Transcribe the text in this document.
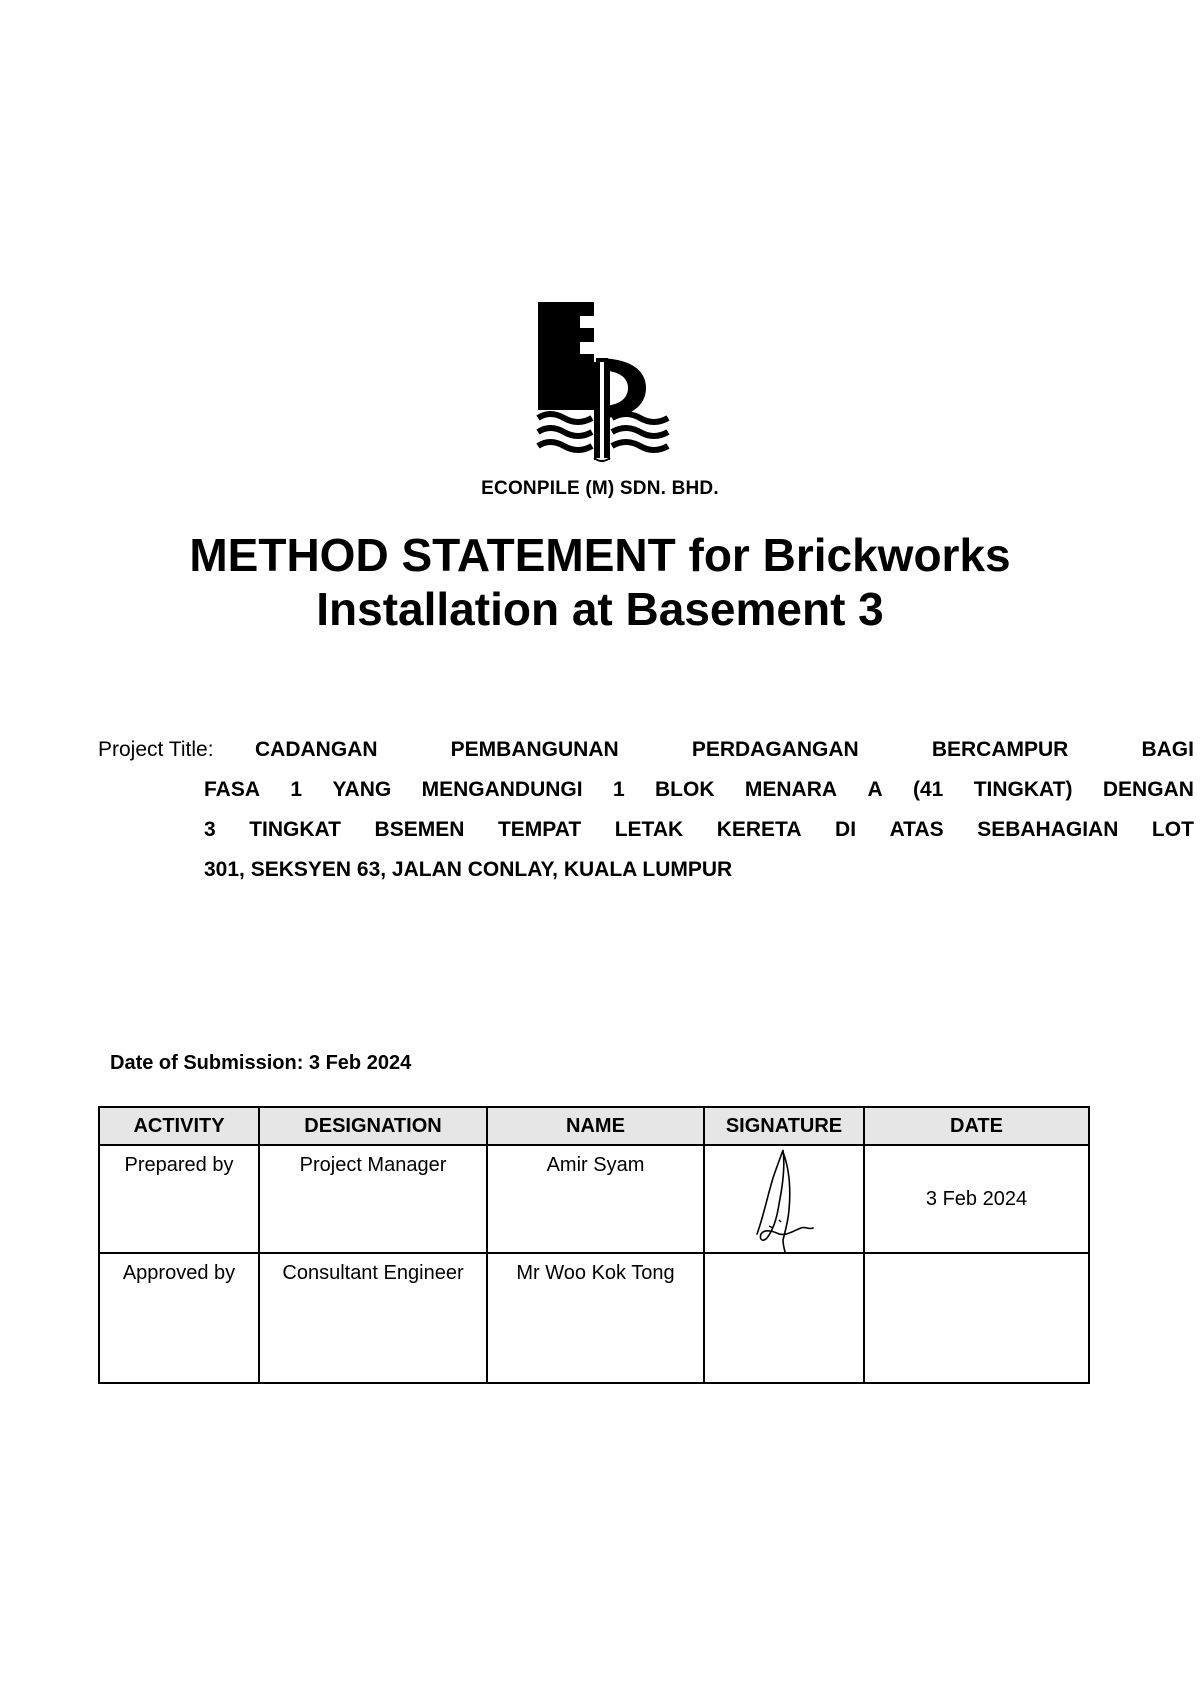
ECONPILE (M) SDN. BHD.
METHOD STATEMENT for Brickworks
Installation at Basement 3
Project Title: CADANGAN	PEMBANGUNAN	PERDAGANGAN	BERCAMPUR	BAGI
FASA 1 YANG MENGANDUNGI 1 BLOK MENARA A (41 TINGKAT) DENGAN
3 TINGKAT BSEMEN TEMPAT LETAK KERETA DI ATAS SEBAHAGIAN LOT
301, SEKSYEN 63, JALAN CONLAY, KUALA LUMPUR
Date of Submission: 3 Feb 2024
ACTIVITY	DESIGNATION	NAME	SIGNATURE	DATE
Prepared by	Project Manager	Amir Syam		3 Feb 2024
Approved by	Consultant Engineer	Mr Woo Kok Tong		
